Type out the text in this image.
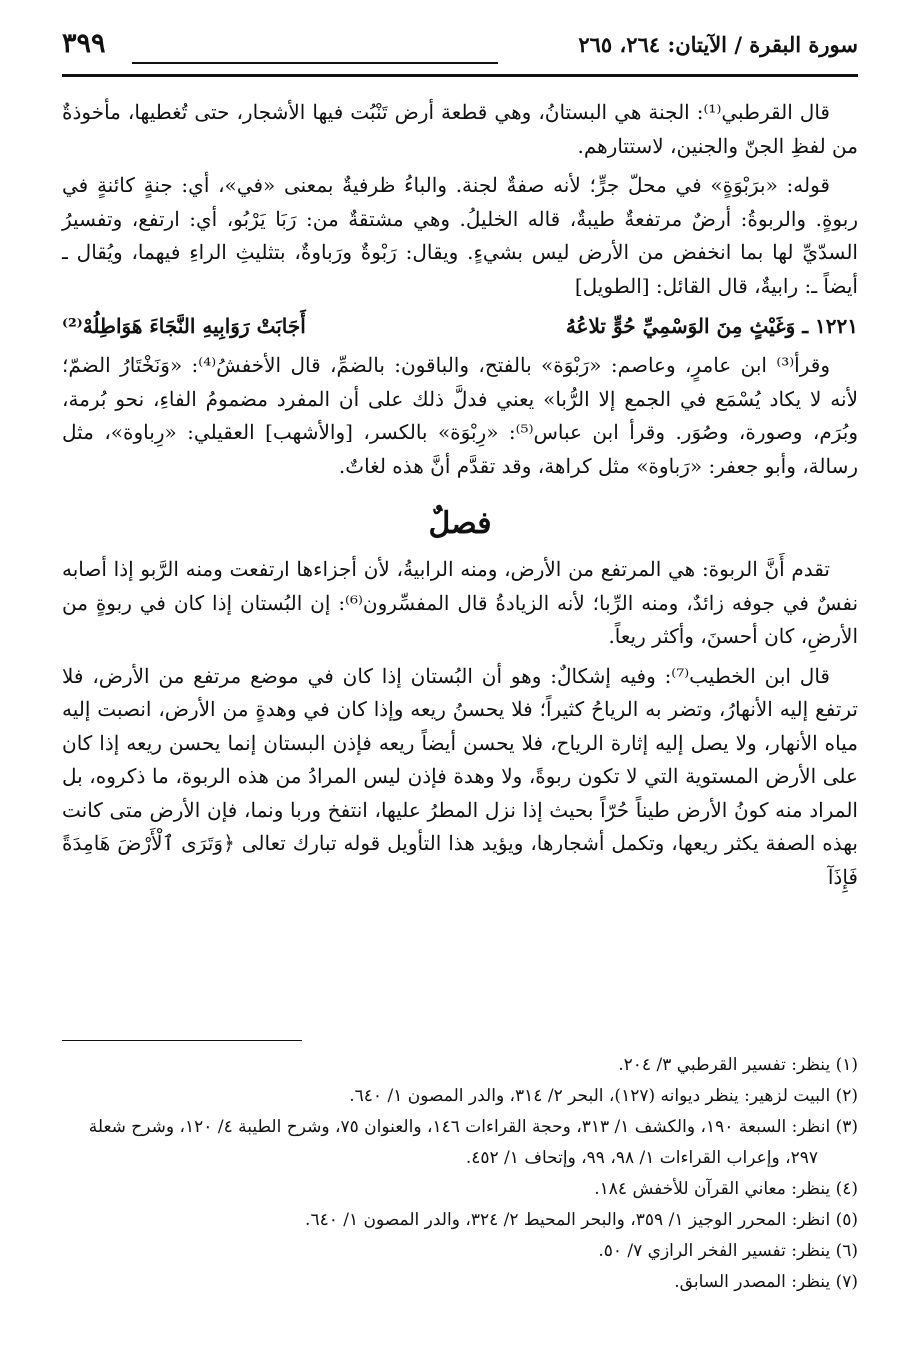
سورة البقرة / الآيتان: ٢٦٤، ٢٦٥
٣٩٩

قال القرطبي⁽¹⁾: الجنة هي البستانُ، وهي قطعة أرض تَنْبُت فيها الأشجار، حتى تُغطيها، مأخوذةٌ من لفظِ الجنّ والجنين، لاستتارهم.

قوله: «برَبْوَةٍ» في محلّ جرٍّ؛ لأنه صفةٌ لجنة. والباءُ ظرفيةٌ بمعنى «في»، أي: جنةٍ كائنةٍ في ربوةٍ. والربوةُ: أرضٌ مرتفعةٌ طيبةٌ، قاله الخليلُ. وهي مشتقةٌ من: رَبَا يَرْبُو، أي: ارتفع، وتفسيرُ السدّيِّ لها بما انخفض من الأرض ليس بشيءٍ. ويقال: رَبْوةٌ ورَباوةٌ، بتثليثِ الراءِ فيهما، ويُقال ـ أيضاً ـ: رابيةٌ، قال القائل: [الطويل]

١٢٢١ ـ وَغَيْثٍ مِنَ الوَسْمِيِّ حُوٍّ تلاعُهُ
أَجَابَتْ رَوَابِيهِ النَّجَاءَ هَوَاطِلُهْ⁽²⁾

وقرأ⁽³⁾ ابن عامرٍ، وعاصم: «رَبْوَة» بالفتح، والباقون: بالضمِّ، قال الأخفشُ⁽⁴⁾: «وَنَخْتَارُ الضمّ؛ لأنه لا يكاد يُسْمَع في الجمع إلا الرُّبا» يعني فدلَّ ذلك على أن المفرد مضمومُ الفاءِ، نحو بُرمة، وبُرَم، وصورة، وصُوَر. وقرأ ابن عباس⁽⁵⁾: «رِبْوَة» بالكسر، [والأشهب] العقيلي: «رِباوة»، مثل رسالة، وأبو جعفر: «رَباوة» مثل كراهة، وقد تقدَّم أنَّ هذه لغاتٌ.

فصلٌ

تقدم أَنَّ الربوة: هي المرتفع من الأرض، ومنه الرابيةُ، لأن أجزاءها ارتفعت ومنه الرَّبو إذا أصابه نفسٌ في جوفه زائدٌ، ومنه الرِّبا؛ لأنه الزيادةُ قال المفسِّرون⁽⁶⁾: إن البُستان إذا كان في ربوةٍ من الأرضِ، كان أحسنَ، وأكثر ريعاً.

قال ابن الخطيب⁽⁷⁾: وفيه إشكالٌ: وهو أن البُستان إذا كان في موضع مرتفع من الأرض، فلا ترتفع إليه الأنهارُ، وتضر به الرياحُ كثيراً؛ فلا يحسنُ ريعه وإذا كان في وهدةٍ من الأرض، انصبت إليه مياه الأنهار، ولا يصل إليه إثارة الرياح، فلا يحسن أيضاً ريعه فإذن البستان إنما يحسن ريعه إذا كان على الأرض المستوية التي لا تكون ربوةً، ولا وهدة فإذن ليس المرادُ من هذه الربوة، ما ذكروه، بل المراد منه كونُ الأرض طيناً حُرّاً بحيث إذا نزل المطرُ عليها، انتفخ وربا ونما، فإن الأرض متى كانت بهذه الصفة يكثر ريعها، وتكمل أشجارها، ويؤيد هذا التأويل قوله تبارك تعالى ﴿وَتَرَى ٱلْأَرْضَ هَامِدَةً فَإِذَآ

(١) ينظر: تفسير القرطبي ٣/ ٢٠٤.

(٢) البيت لزهير: ينظر ديوانه (١٢٧)، البحر ٢/ ٣١٤، والدر المصون ١/ ٦٤٠.

(٣) انظر: السبعة ١٩٠، والكشف ١/ ٣١٣، وحجة القراءات ١٤٦، والعنوان ٧٥، وشرح الطيبة ٤/ ١٢٠، وشرح شعلة ٢٩٧، وإعراب القراءات ١/ ٩٨، ٩٩، وإتحاف ١/ ٤٥٢.

(٤) ينظر: معاني القرآن للأخفش ١٨٤.

(٥) انظر: المحرر الوجيز ١/ ٣٥٩، والبحر المحيط ٢/ ٣٢٤، والدر المصون ١/ ٦٤٠.

(٦) ينظر: تفسير الفخر الرازي ٧/ ٥٠.

(٧) ينظر: المصدر السابق.
